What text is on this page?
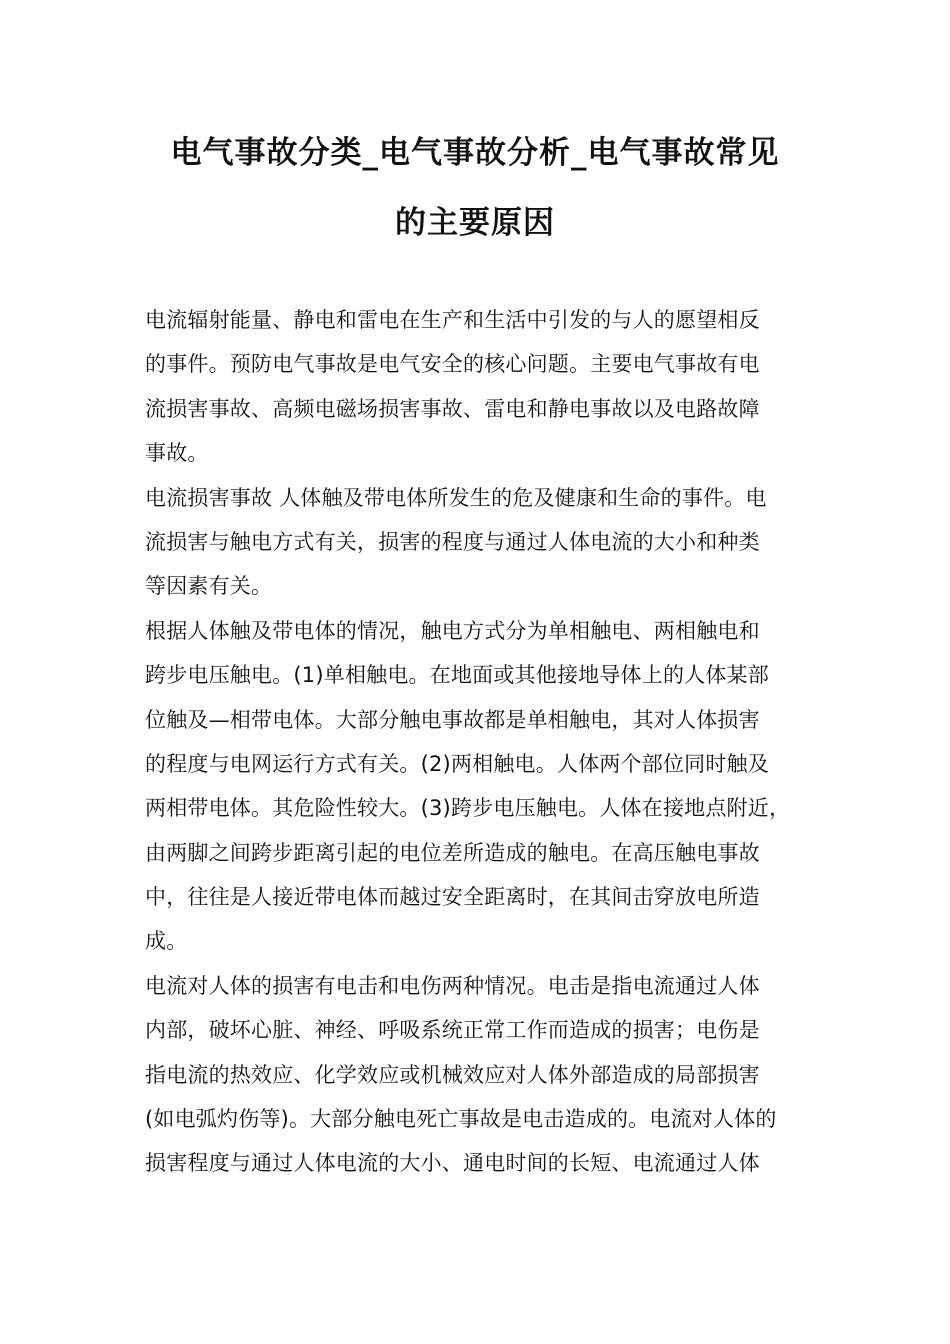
电气事故分类_电气事故分析_电气事故常见
的主要原因
电流辐射能量、静电和雷电在生产和生活中引发的与人的愿望相反
的事件。预防电气事故是电气安全的核心问题。主要电气事故有电
流损害事故、高频电磁场损害事故、雷电和静电事故以及电路故障
事故。
电流损害事故 人体触及带电体所发生的危及健康和生命的事件。电
流损害与触电方式有关，损害的程度与通过人体电流的大小和种类
等因素有关。
根据人体触及带电体的情况，触电方式分为单相触电、两相触电和
跨步电压触电。(1)单相触电。在地面或其他接地导体上的人体某部
位触及—相带电体。大部分触电事故都是单相触电，其对人体损害
的程度与电网运行方式有关。(2)两相触电。人体两个部位同时触及
两相带电体。其危险性较大。(3)跨步电压触电。人体在接地点附近，
由两脚之间跨步距离引起的电位差所造成的触电。在高压触电事故
中，往往是人接近带电体而越过安全距离时，在其间击穿放电所造
成。
电流对人体的损害有电击和电伤两种情况。电击是指电流通过人体
内部，破坏心脏、神经、呼吸系统正常工作而造成的损害；电伤是
指电流的热效应、化学效应或机械效应对人体外部造成的局部损害
(如电弧灼伤等)。大部分触电死亡事故是电击造成的。电流对人体的
损害程度与通过人体电流的大小、通电时间的长短、电流通过人体
